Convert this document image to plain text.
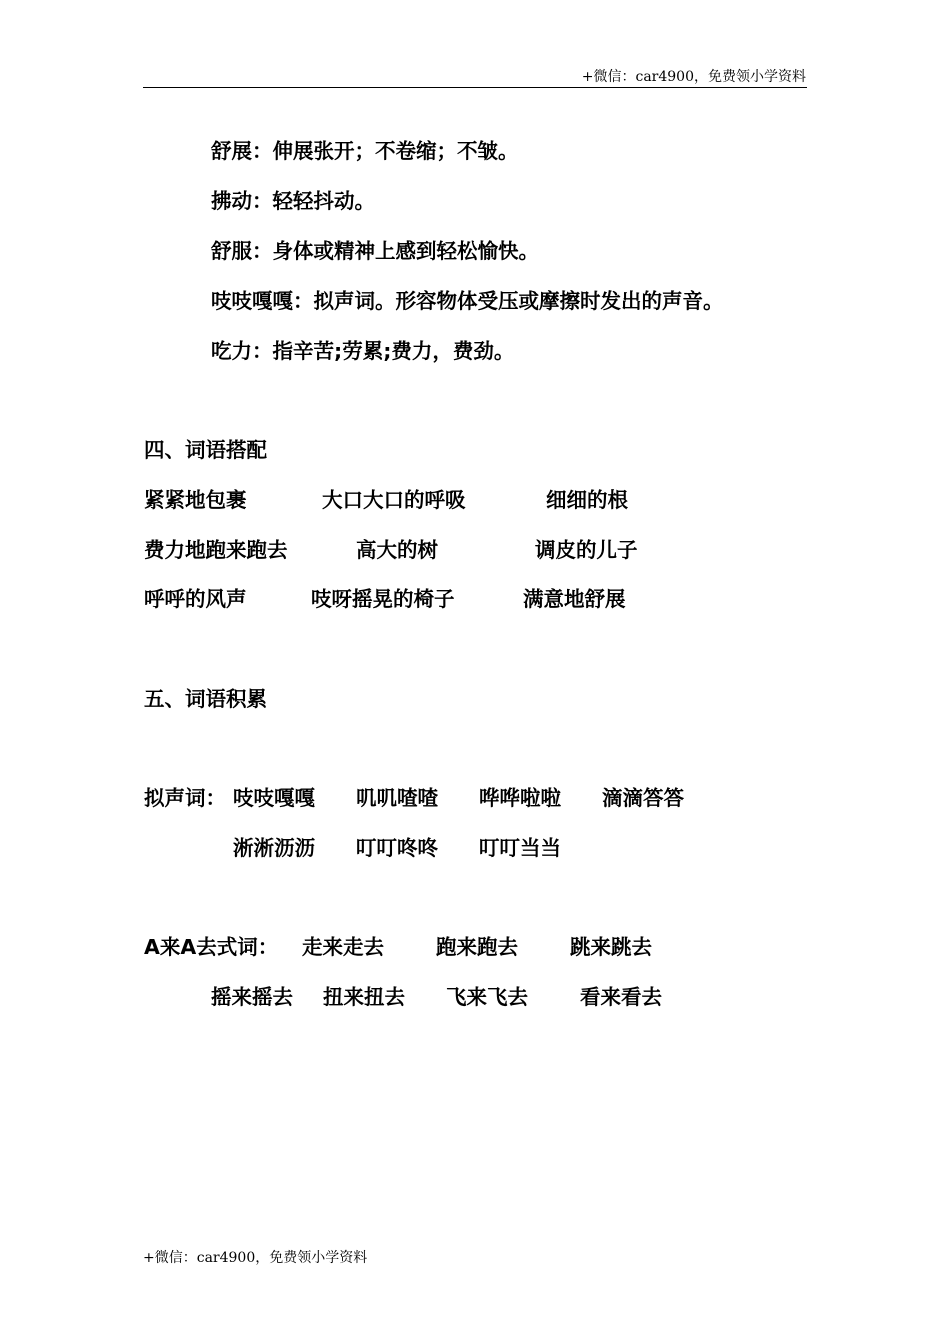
+微信：car4900，免费领小学资料
舒展：伸展张开；不卷缩；不皱。
拂动：轻轻抖动。
舒服：身体或精神上感到轻松愉快。
吱吱嘎嘎：拟声词。形容物体受压或摩擦时发出的声音。
吃力：指辛苦;劳累;费力，费劲。
四、词语搭配
紧紧地包裹	大口大口的呼吸	细细的根
费力地跑来跑去	高大的树	调皮的儿子
呼呼的风声	吱呀摇晃的椅子	满意地舒展
五、词语积累
拟声词： 吱吱嘎嘎 叽叽喳喳 哗哗啦啦 滴滴答答
淅淅沥沥 叮叮咚咚 叮叮当当
A来A去式词： 走来走去	跑来跑去	跳来跳去
摇来摇去 扭来扭去 飞来飞去	看来看去
+微信：car4900，免费领小学资料
